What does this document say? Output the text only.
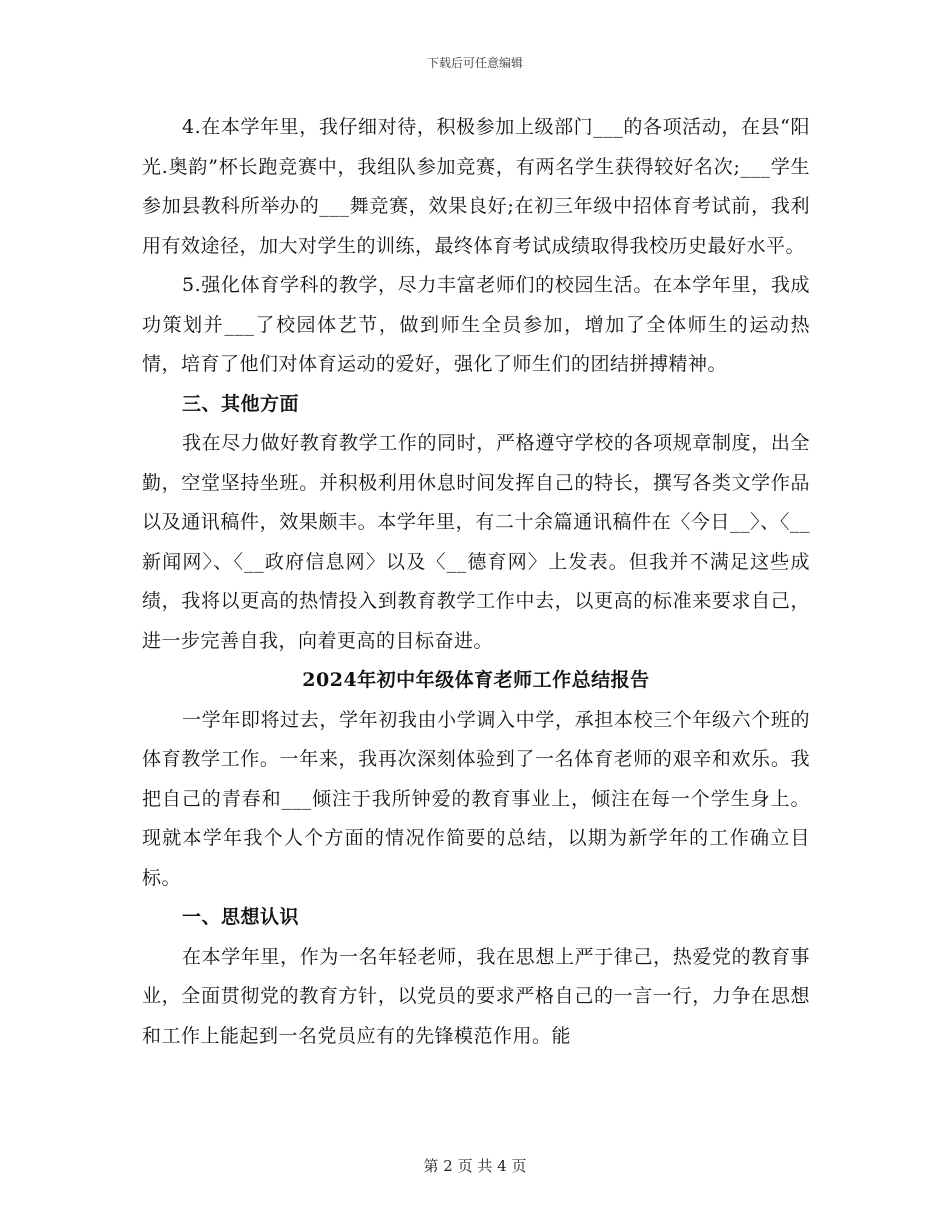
下载后可任意编辑

4.在本学年里，我仔细对待，积极参加上级部门___的各项活动，在县“阳光.奥韵”杯长跑竞赛中，我组队参加竞赛，有两名学生获得较好名次;___学生参加县教科所举办的___舞竞赛，效果良好;在初三年级中招体育考试前，我利用有效途径，加大对学生的训练，最终体育考试成绩取得我校历史最好水平。

5.强化体育学科的教学，尽力丰富老师们的校园生活。在本学年里，我成功策划并___了校园体艺节，做到师生全员参加，增加了全体师生的运动热情，培育了他们对体育运动的爱好，强化了师生们的团结拼搏精神。

三、其他方面

我在尽力做好教育教学工作的同时，严格遵守学校的各项规章制度，出全勤，空堂坚持坐班。并积极利用休息时间发挥自己的特长，撰写各类文学作品以及通讯稿件，效果颇丰。本学年里，有二十余篇通讯稿件在〈今日__〉、〈__新闻网〉、〈__政府信息网〉以及〈__德育网〉上发表。但我并不满足这些成绩，我将以更高的热情投入到教育教学工作中去，以更高的标准来要求自己，进一步完善自我，向着更高的目标奋进。

2024年初中年级体育老师工作总结报告

一学年即将过去，学年初我由小学调入中学，承担本校三个年级六个班的体育教学工作。一年来，我再次深刻体验到了一名体育老师的艰辛和欢乐。我把自己的青春和___倾注于我所钟爱的教育事业上，倾注在每一个学生身上。现就本学年我个人个方面的情况作简要的总结，以期为新学年的工作确立目标。

一、思想认识

在本学年里，作为一名年轻老师，我在思想上严于律己，热爱党的教育事业，全面贯彻党的教育方针，以党员的要求严格自己的一言一行，力争在思想和工作上能起到一名党员应有的先锋模范作用。能

第 2 页 共 4 页
